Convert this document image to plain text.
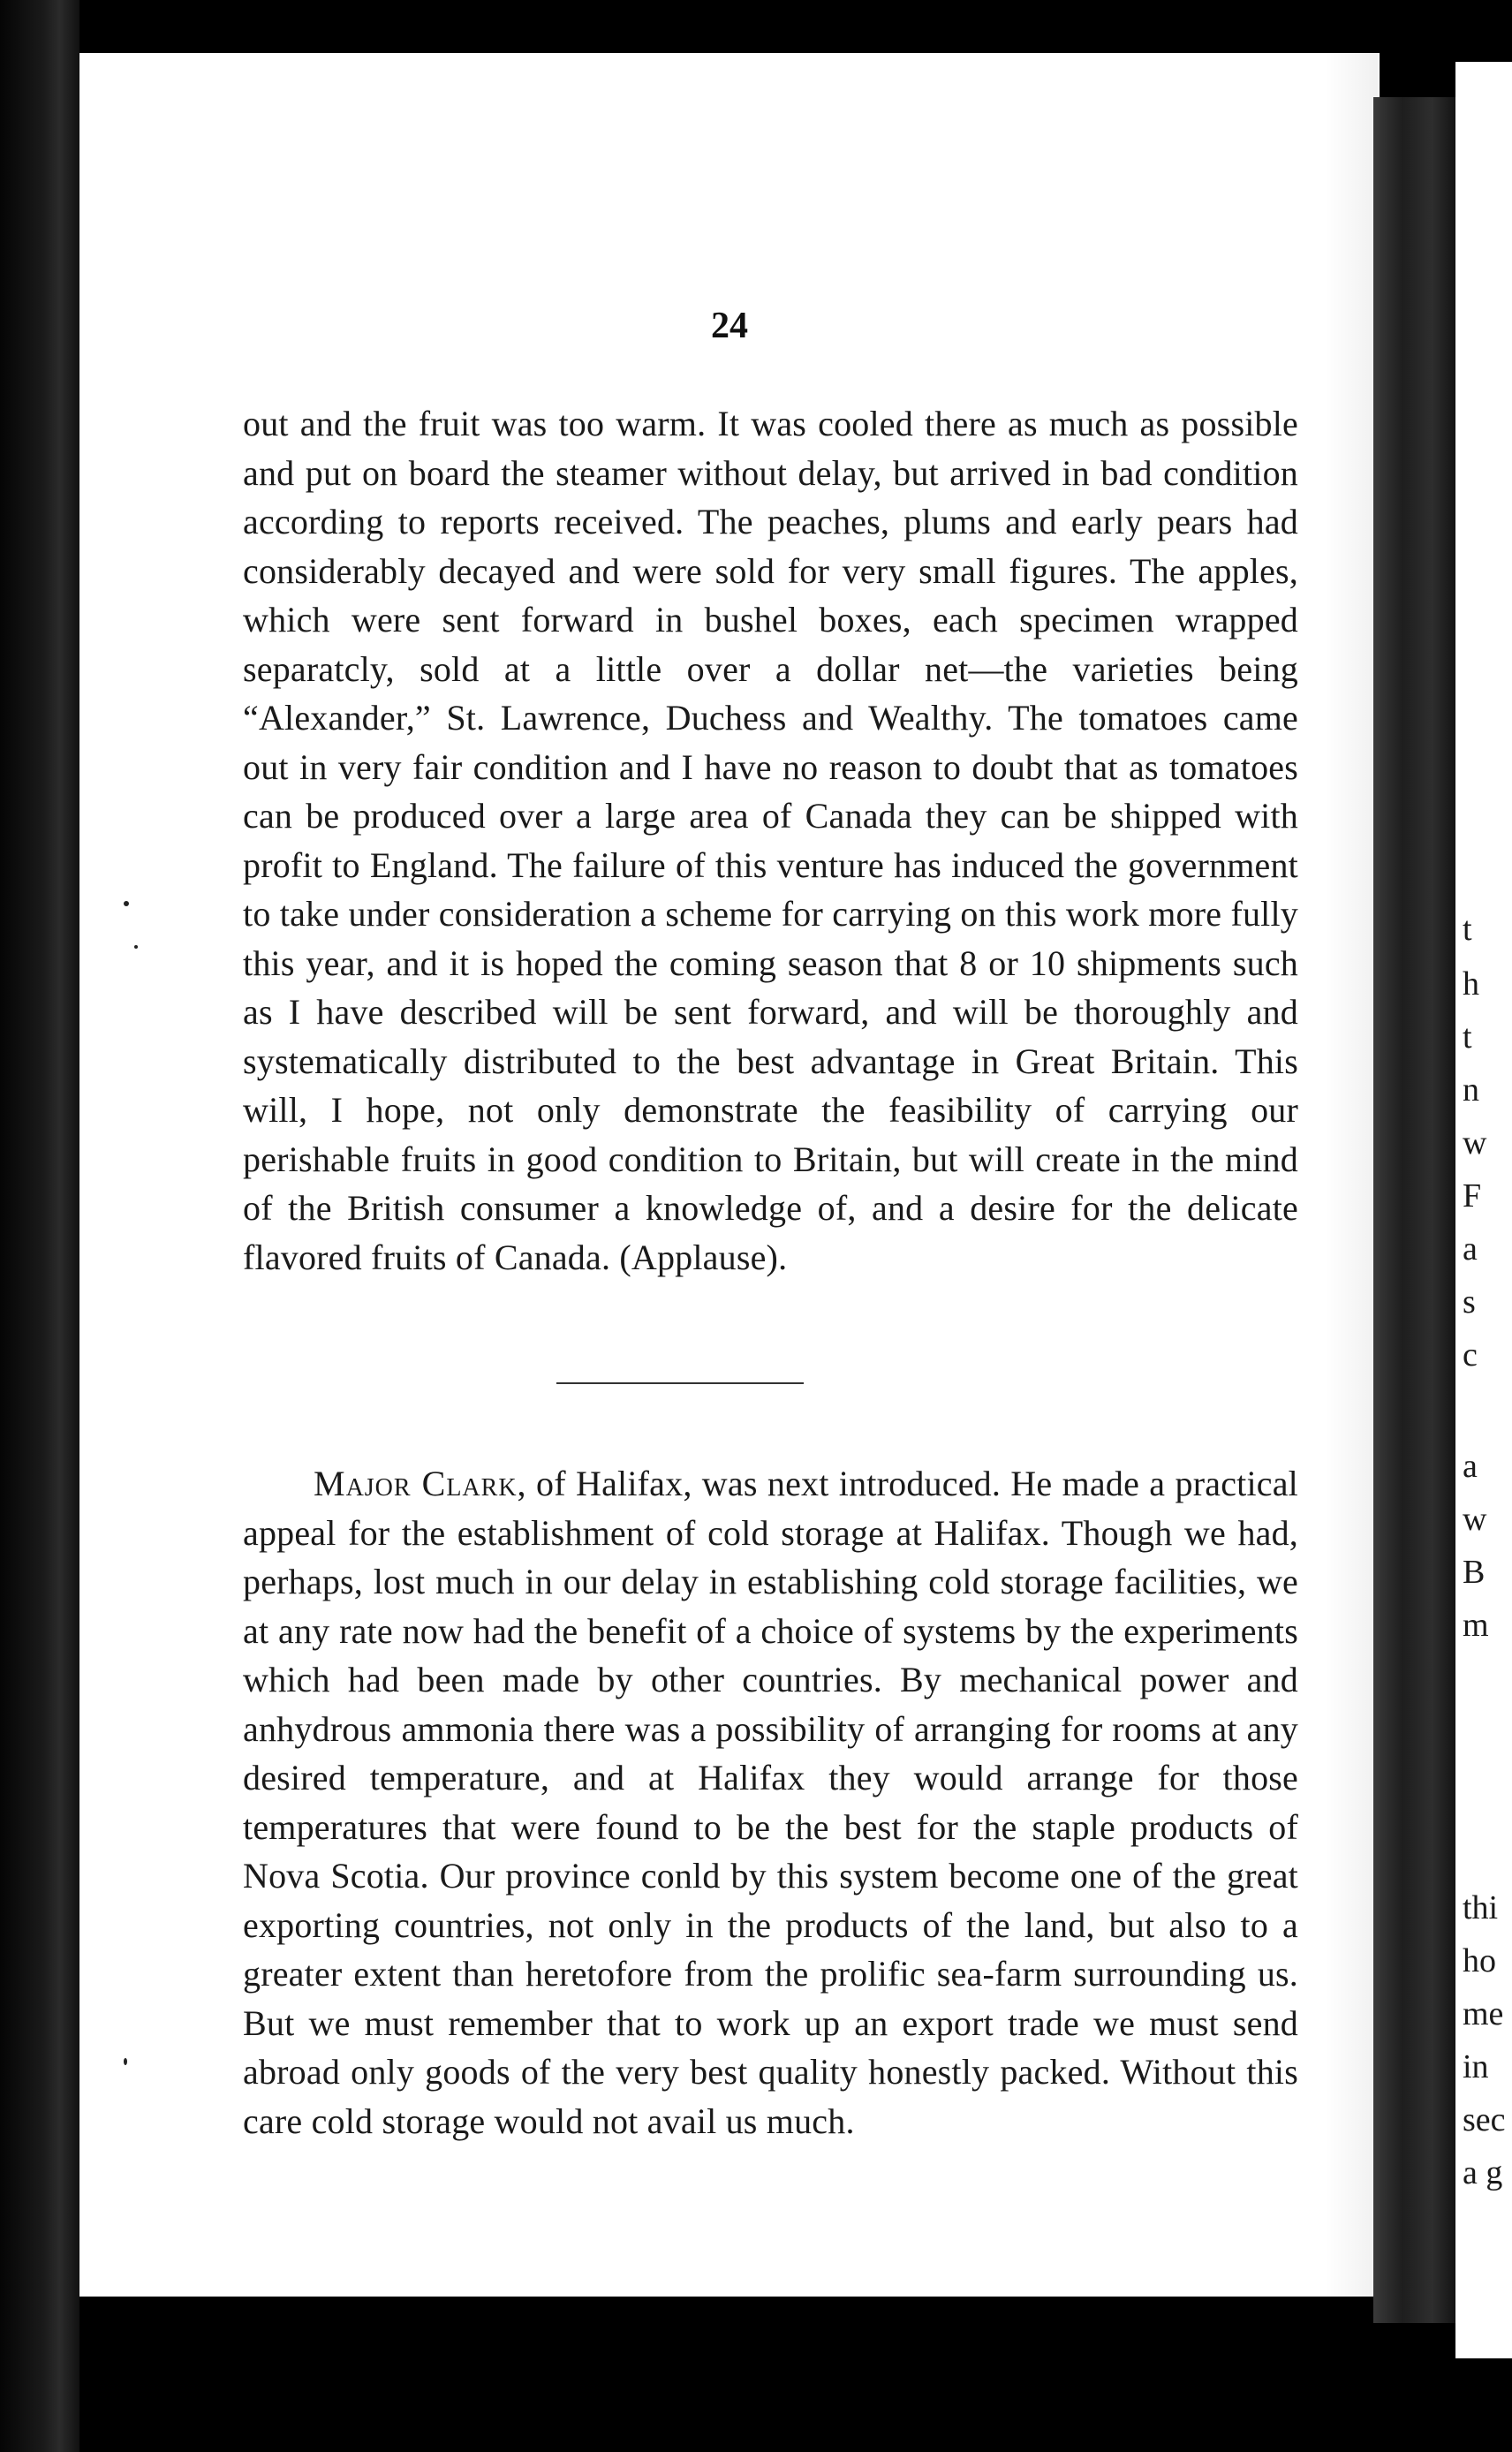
24

out and the fruit was too warm. It was cooled there as much as possible and put on board the steamer without delay, but arrived in bad condition according to reports received. The peaches, plums and early pears had considerably decayed and were sold for very small figures. The apples, which were sent forward in bushel boxes, each specimen wrapped separatcly, sold at a little over a dollar net—the varieties being “Alexander,” St. Lawrence, Duchess and Wealthy. The tomatoes came out in very fair condition and I have no reason to doubt that as tomatoes can be produced over a large area of Canada they can be shipped with profit to England. The failure of this venture has induced the government to take under consideration a scheme for carrying on this work more fully this year, and it is hoped the coming season that 8 or 10 shipments such as I have described will be sent forward, and will be thoroughly and systematically distributed to the best advantage in Great Britain. This will, I hope, not only demonstrate the feasibility of carrying our perishable fruits in good condition to Britain, but will create in the mind of the British consumer a knowledge of, and a desire for the delicate flavored fruits of Canada. (Applause).

Major Clark, of Halifax, was next introduced. He made a practical appeal for the establishment of cold storage at Halifax. Though we had, perhaps, lost much in our delay in establishing cold storage facilities, we at any rate now had the benefit of a choice of systems by the experiments which had been made by other countries. By mechanical power and anhydrous ammonia there was a possibility of arranging for rooms at any desired temperature, and at Halifax they would arrange for those temperatures that were found to be the best for the staple products of Nova Scotia. Our province conld by this system become one of the great exporting countries, not only in the products of the land, but also to a greater extent than heretofore from the prolific sea-farm surrounding us. But we must remember that to work up an export trade we must send abroad only goods of the very best quality honestly packed. Without this care cold storage would not avail us much.

t
h
t
n
w
F
a
s
c
a
w
B
m
thi
ho
me
in
sec
a g
